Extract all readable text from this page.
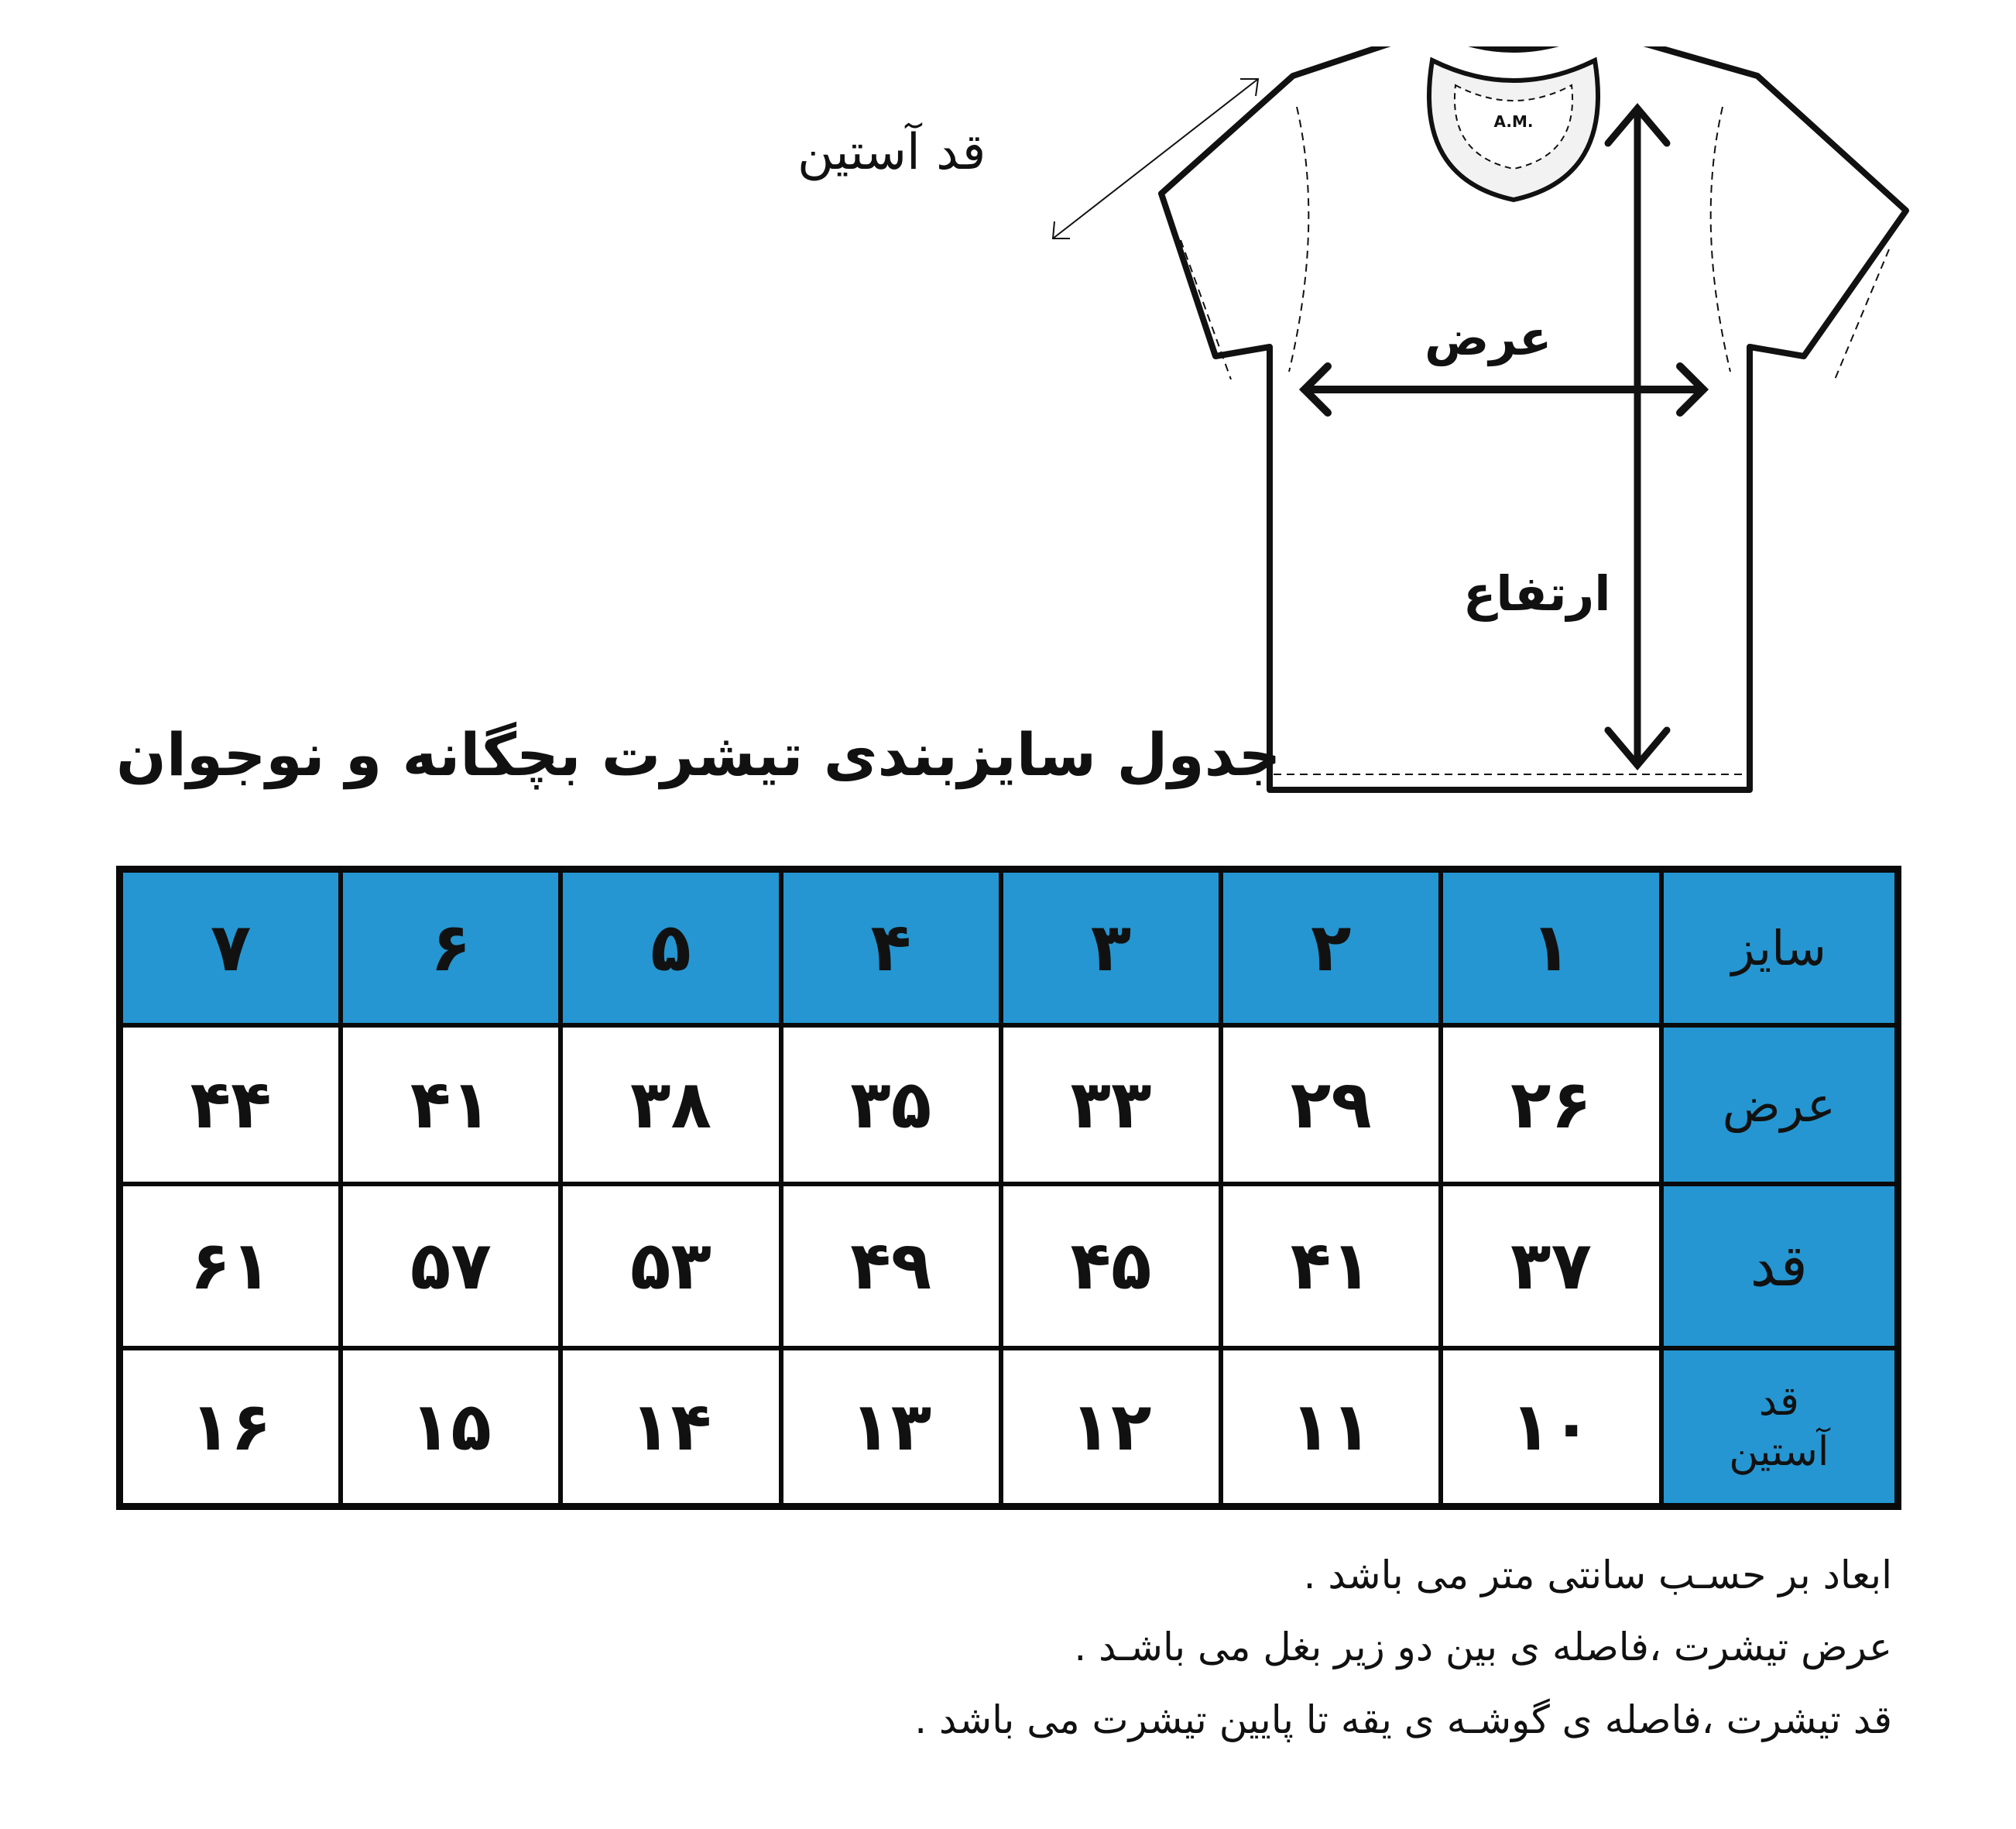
A.M.
قد آستین
عرض
ارتفاع
جدول سایزبندی تیشرت بچگانه و نوجوان
۷	۶	۵	۴	۳	۲	۱	سایز
۴۴	۴۱	۳۸	۳۵	۳۳	۲۹	۲۶	عرض
۶۱	۵۷	۵۳	۴۹	۴۵	۴۱	۳۷	قد
۱۶	۱۵	۱۴	۱۳	۱۲	۱۱	۱۰	قد
آستین
ابعاد بر حسـب سانتی متر می باشد .
عرض تیشرت ،فاصله ی بین دو زیر بغل می باشـد .
قد تیشرت ،فاصله ی گوشـه ی یقه تا پایین تیشرت می باشد .
